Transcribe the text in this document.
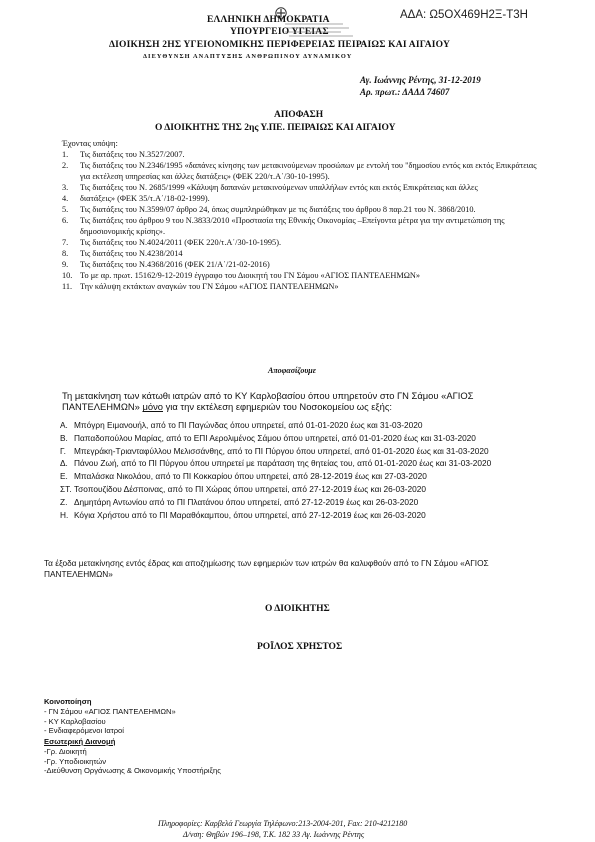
ΑΔΑ: Ω5ΟΧ469Η2Ξ-Τ3Η
ΕΛΛΗΝΙΚΗ ΔΗΜΟΚΡΑΤΙΑ
ΥΠΟΥΡΓΕΙΟ ΥΓΕΙΑΣ
ΔΙΟΙΚΗΣΗ 2ΗΣ ΥΓΕΙΟΝΟΜΙΚΗΣ ΠΕΡΙΦΕΡΕΙΑΣ ΠΕΙΡΑΙΩΣ ΚΑΙ ΑΙΓΑΙΟΥ
ΔΙΕΥΘΥΝΣΗ ΑΝΑΠΤΥΞΗΣ ΑΝΘΡΩΠΙΝΟΥ ΔΥΝΑΜΙΚΟΥ
Αγ. Ιωάννης Ρέντης, 31-12-2019
Αρ. πρωτ.: ΔΑΔΔ 74607
ΑΠΟΦΑΣΗ
Ο ΔΙΟΙΚΗΤΗΣ ΤΗΣ 2ης Υ.ΠΕ. ΠΕΙΡΑΙΩΣ ΚΑΙ ΑΙΓΑΙΟΥ
Έχοντας υπόψη:
1. Τις διατάξεις του Ν.3527/2007.
2. Τις διατάξεις του Ν.2346/1995 «δαπάνες κίνησης των μετακινούμενων προσώπων με εντολή του "δημοσίου εντός και εκτός Επικράτειας για εκτέλεση υπηρεσίας και άλλες διατάξεις» (ΦΕΚ 220/τ.Α΄/30-10-1995).
3. Τις διατάξεις του Ν. 2685/1999 «Κάλυψη δαπανών μετακινούμενων υπαλλήλων εντός και εκτός Επικράτειας και άλλες
4. διατάξεις» (ΦΕΚ 35/τ.Α΄/18-02-1999).
5. Τις διατάξεις του Ν.3599/07 άρθρο 24, όπως συμπληρώθηκαν με τις διατάξεις του άρθρου 8 παρ.21 του Ν. 3868/2010.
6. Τις διατάξεις του άρθρου 9 του Ν.3833/2010 «Προστασία της Εθνικής Οικονομίας –Επείγοντα μέτρα για την αντιμετώπιση της δημοσιονομικής κρίσης».
7. Τις διατάξεις του Ν.4024/2011 (ΦΕΚ 220/τ.Α΄/30-10-1995).
8. Τις διατάξεις του Ν.4238/2014
9. Τις διατάξεις του Ν.4368/2016 (ΦΕΚ 21/Α΄/21-02-2016)
10. Το με αρ. πρωτ. 15162/9-12-2019 έγγραφο του Διοικητή του ΓΝ Σάμου «ΑΓΙΟΣ ΠΑΝΤΕΛΕΗΜΩΝ»
11. Την κάλυψη εκτάκτων αναγκών του ΓΝ Σάμου «ΑΓΙΟΣ ΠΑΝΤΕΛΕΗΜΩΝ»
Αποφασίζουμε
Τη μετακίνηση των κάτωθι ιατρών από το ΚΥ Καρλοβασίου όπου υπηρετούν στο ΓΝ Σάμου «ΑΓΙΟΣ ΠΑΝΤΕΛΕΗΜΩΝ» μόνο για την εκτέλεση εφημεριών του Νοσοκομείου ως εξής:
Α. Μπόγρη Ειμανουήλ, από το ΠΙ Παγώνδας όπου υπηρετεί, από 01-01-2020 έως και 31-03-2020
Β. Παπαδοπούλου Μαρίας, από το ΕΠΙ Αερολιμένος Σάμου όπου υπηρετεί, από 01-01-2020 έως και 31-03-2020
Γ. Μπεγράκη-Τριανταφύλλου Μελισσάνθης, από το ΠΙ Πύργου όπου υπηρετεί, από 01-01-2020 έως και 31-03-2020
Δ. Πάνου Ζωή, από το ΠΙ Πύργου όπου υπηρετεί με παράταση της θητείας του, από 01-01-2020 έως και 31-03-2020
Ε. Μπαλάσκα Νικολάου, από το ΠΙ Κοκκαρίου όπου υπηρετεί, από 28-12-2019 έως και 27-03-2020
ΣΤ. Τσοπουζίδου Δέσποινας, από το ΠΙ Χώρας όπου υπηρετεί, από 27-12-2019 έως και 26-03-2020
Ζ. Δημητάρη Αντωνίου από το ΠΙ Πλατάνου όπου υπηρετεί, από 27-12-2019 έως και 26-03-2020
Η. Κόγια Χρήστου από το ΠΙ Μαραθόκαμπου, όπου υπηρετεί, από 27-12-2019 έως και 26-03-2020
Τα έξοδα μετακίνησης εντός έδρας και αποζημίωσης των εφημεριών των ιατρών θα καλυφθούν από το ΓΝ Σάμου «ΑΓΙΟΣ ΠΑΝΤΕΛΕΗΜΩΝ»
Ο ΔΙΟΙΚΗΤΗΣ
ΡΟΪΛΟΣ ΧΡΗΣΤΟΣ
Κοινοποίηση
- ΓΝ Σάμου «ΑΓΙΟΣ ΠΑΝΤΕΛΕΗΜΩΝ»
- ΚΥ Καρλοβασίου
- Ενδιαφερόμενοι Ιατροί
Εσωτερική Διανομή
-Γρ. Διοικητή
-Γρ. Υποδιοικητών
-Διεύθυνση Οργάνωσης & Οικονομικής Υποστήριξης
Πληροφορίες: Καρβελά Γεωργία Τηλέφωνο:213-2004-201, Fax: 210-4212180
Δ/νση: Θηβών 196–198, Τ.Κ. 182 33 Αγ. Ιωάννης Ρέντης
